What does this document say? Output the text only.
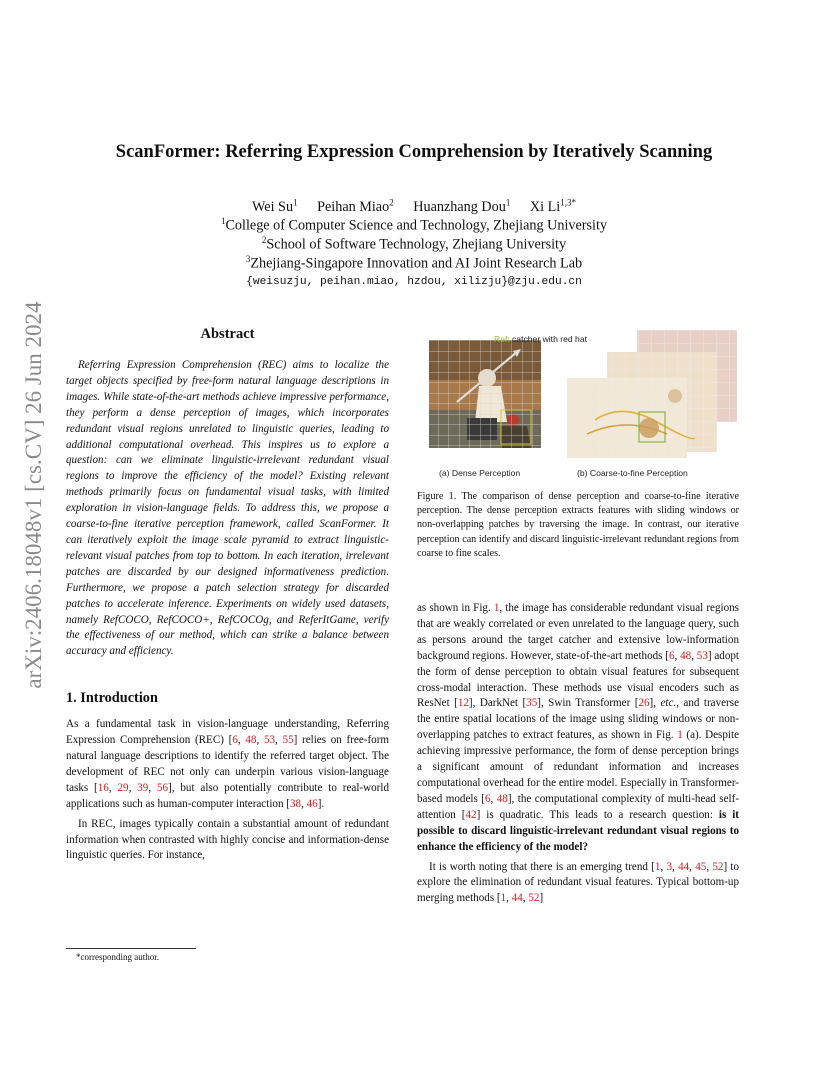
arXiv:2406.18048v1 [cs.CV] 26 Jun 2024
ScanFormer: Referring Expression Comprehension by Iteratively Scanning
Wei Su$^1$ Peihan Miao$^2$ Huanzhang Dou$^1$ Xi $Li^{1,3*}$
$^1$College of Computer Science and Technology, Zhejiang University
$^2$School of Software Technology, Zhejiang University
$^3$Zhejiang-Singapore Innovation and AI Joint Research Lab
{weisuzju, peihan.miao, hzdou, xilizju}@zju.edu.cn
Abstract
Referring Expression Comprehension (REC) aims to localize the target objects specified by free-form natural language descriptions in images. While state-of-the-art methods achieve impressive performance, they perform a dense perception of images, which incorporates redundant visual regions unrelated to linguistic queries, leading to additional computational overhead. This inspires us to explore a question: can we eliminate linguistic-irrelevant redundant visual regions to improve the efficiency of the model? Existing relevant methods primarily focus on fundamental visual tasks, with limited exploration in vision-language fields. To address this, we propose a coarse-to-fine iterative perception framework, called ScanFormer. It can iteratively exploit the image scale pyramid to extract linguistic-relevant visual patches from top to bottom. In each iteration, irrelevant patches are discarded by our designed informativeness prediction. Furthermore, we propose a patch selection strategy for discarded patches to accelerate inference. Experiments on widely used datasets, namely RefCOCO, RefCOCO+, RefCOCOg, and ReferItGame, verify the effectiveness of our method, which can strike a balance between accuracy and efficiency.
1. Introduction
As a fundamental task in vision-language understanding, Referring Expression Comprehension (REC) [6, 48, 53, 55] relies on free-form natural language descriptions to identify the referred target object. The development of REC not only can underpin various vision-language tasks [16, 29, 39, 56], but also potentially contribute to real-world applications such as human-computer interaction [38, 46].
In REC, images typically contain a substantial amount of redundant information when contrasted with highly concise and information-dense linguistic queries. For instance,
*corresponding author.
Ref: catcher with red hat
(a) Dense Perception	(b) Coarse-to-fine Perception
Figure 1. The comparison of dense perception and coarse-to-fine iterative perception. The dense perception extracts features with sliding windows or non-overlapping patches by traversing the image. In contrast, our iterative perception can identify and discard linguistic-irrelevant redundant regions from coarse to fine scales.
as shown in Fig. 1, the image has considerable redundant visual regions that are weakly correlated or even unrelated to the language query, such as persons around the target catcher and extensive low-information background regions. However, state-of-the-art methods [6, 48, 53] adopt the form of dense perception to obtain visual features for subsequent cross-modal interaction. These methods use visual encoders such as ResNet [12], DarkNet [35], Swin Transformer [26], etc., and traverse the entire spatial locations of the image using sliding windows or non-overlapping patches to extract features, as shown in Fig. 1 (a). Despite achieving impressive performance, the form of dense perception brings a significant amount of redundant information and increases computational overhead for the entire model. Especially in Transformer-based models [6, 48], the computational complexity of multi-head self-attention [42] is quadratic. This leads to a research question: is it possible to discard linguistic-irrelevant redundant visual regions to enhance the efficiency of the model?
It is worth noting that there is an emerging trend [1, 3, 44, 45, 52] to explore the elimination of redundant visual features. Typical bottom-up merging methods [1, 44, 52]
